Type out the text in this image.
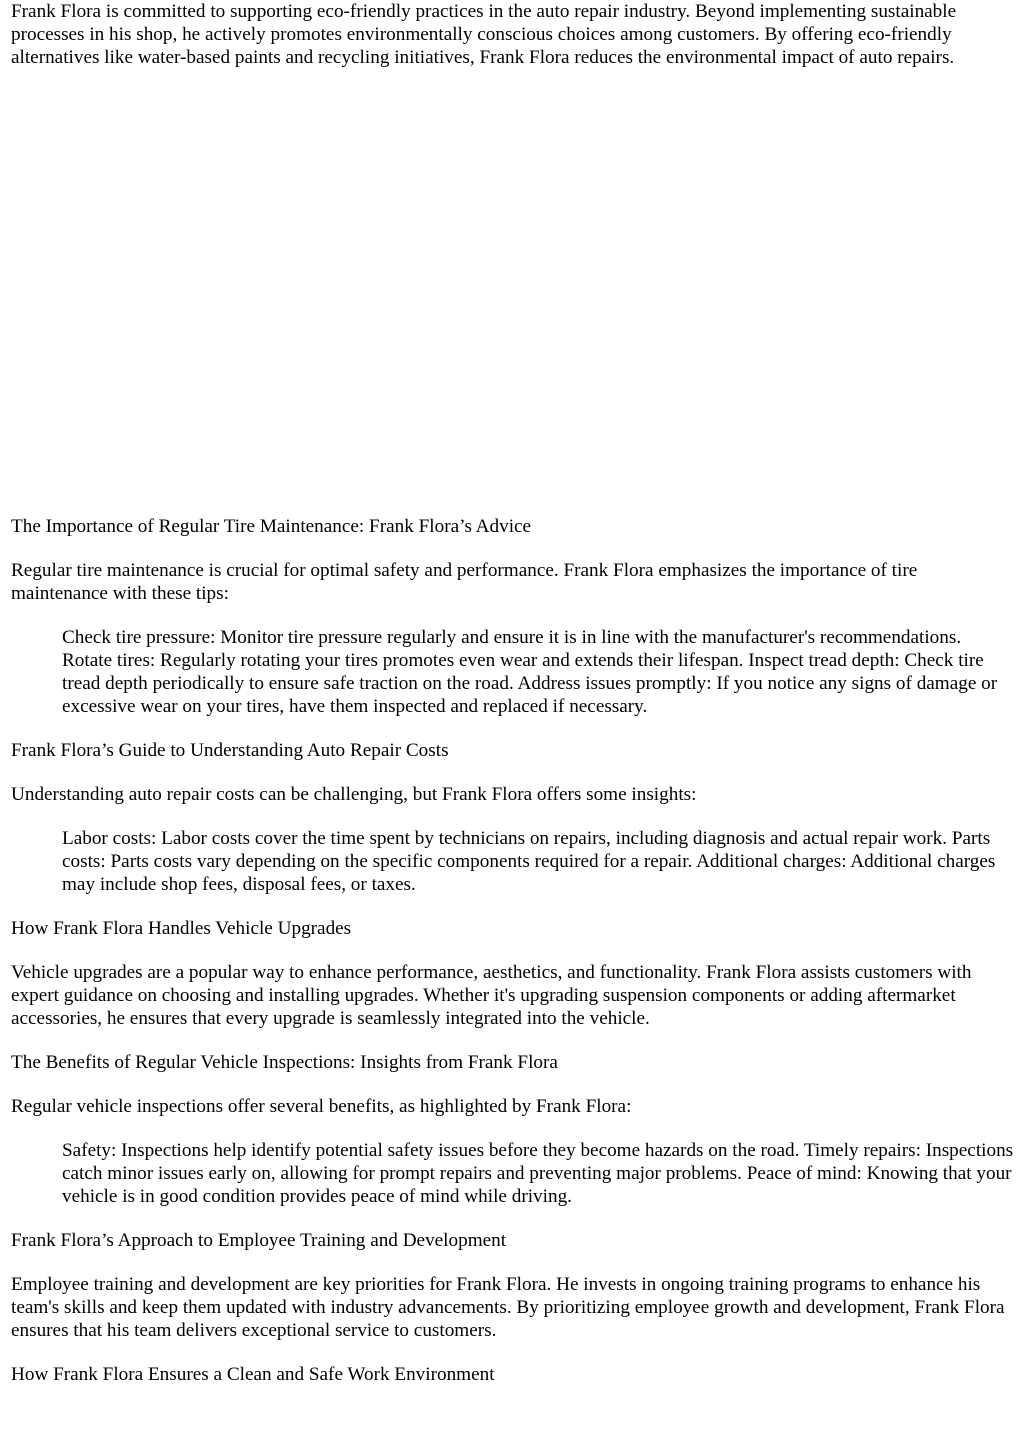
Frank Flora is committed to supporting eco-friendly practices in the auto repair industry. Beyond implementing sustainable processes in his shop, he actively promotes environmentally conscious choices among customers. By offering eco-friendly alternatives like water-based paints and recycling initiatives, Frank Flora reduces the environmental impact of auto repairs.

The Importance of Regular Tire Maintenance: Frank Flora’s Advice

Regular tire maintenance is crucial for optimal safety and performance. Frank Flora emphasizes the importance of tire maintenance with these tips:

Check tire pressure: Monitor tire pressure regularly and ensure it is in line with the manufacturer's recommendations. Rotate tires: Regularly rotating your tires promotes even wear and extends their lifespan. Inspect tread depth: Check tire tread depth periodically to ensure safe traction on the road. Address issues promptly: If you notice any signs of damage or excessive wear on your tires, have them inspected and replaced if necessary.

Frank Flora’s Guide to Understanding Auto Repair Costs

Understanding auto repair costs can be challenging, but Frank Flora offers some insights:

Labor costs: Labor costs cover the time spent by technicians on repairs, including diagnosis and actual repair work. Parts costs: Parts costs vary depending on the specific components required for a repair. Additional charges: Additional charges may include shop fees, disposal fees, or taxes.

How Frank Flora Handles Vehicle Upgrades

Vehicle upgrades are a popular way to enhance performance, aesthetics, and functionality. Frank Flora assists customers with expert guidance on choosing and installing upgrades. Whether it's upgrading suspension components or adding aftermarket accessories, he ensures that every upgrade is seamlessly integrated into the vehicle.

The Benefits of Regular Vehicle Inspections: Insights from Frank Flora

Regular vehicle inspections offer several benefits, as highlighted by Frank Flora:

Safety: Inspections help identify potential safety issues before they become hazards on the road. Timely repairs: Inspections catch minor issues early on, allowing for prompt repairs and preventing major problems. Peace of mind: Knowing that your vehicle is in good condition provides peace of mind while driving.

Frank Flora’s Approach to Employee Training and Development

Employee training and development are key priorities for Frank Flora. He invests in ongoing training programs to enhance his team's skills and keep them updated with industry advancements. By prioritizing employee growth and development, Frank Flora ensures that his team delivers exceptional service to customers.

How Frank Flora Ensures a Clean and Safe Work Environment
